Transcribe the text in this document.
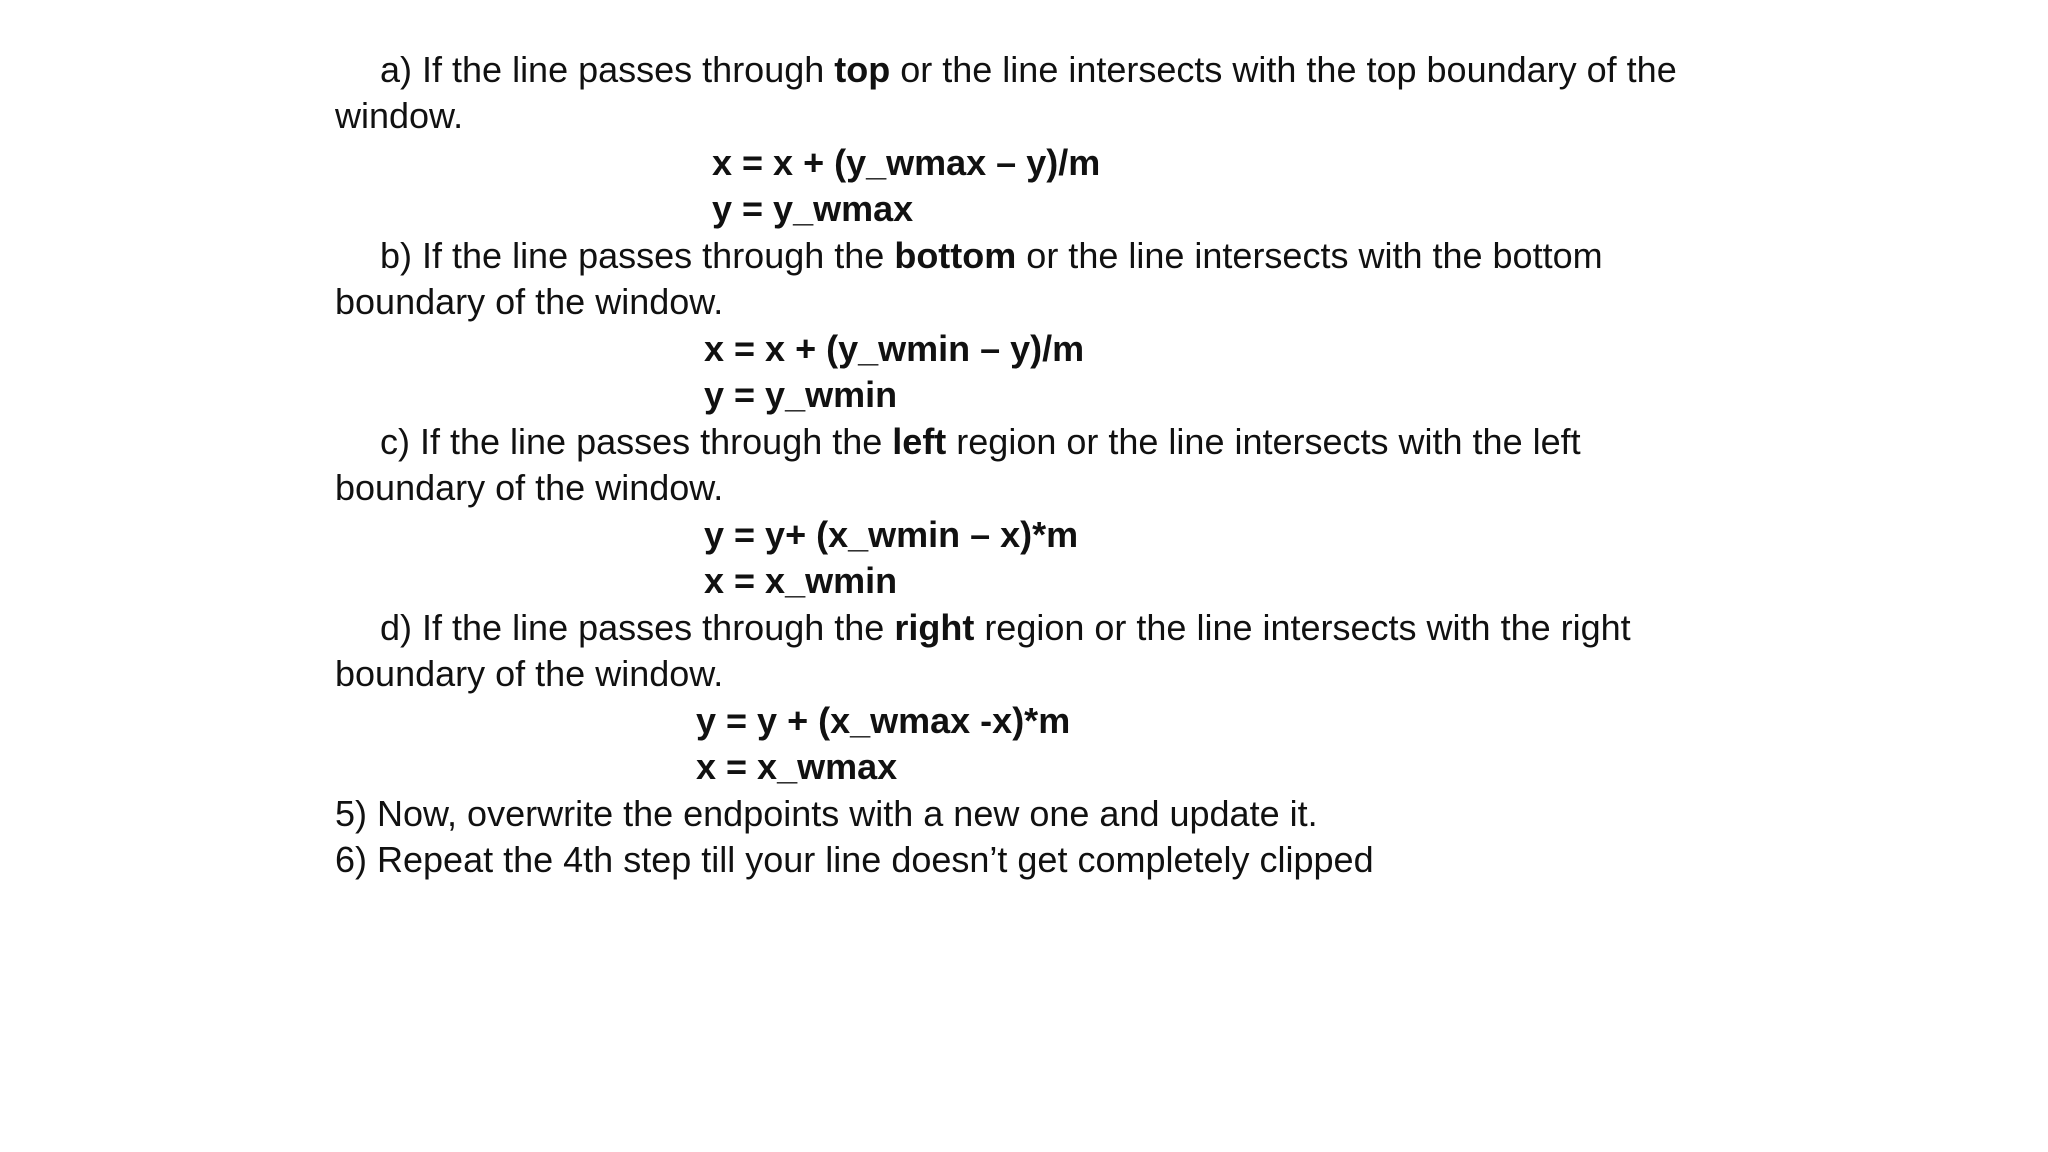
a) If the line passes through top or the line intersects with the top boundary of the
window.
x = x + (y_wmax – y)/m
y = y_wmax
b) If the line passes through the bottom or the line intersects with the bottom
boundary of the window.
x = x + (y_wmin – y)/m
y = y_wmin
c) If the line passes through the left region or the line intersects with the left
boundary of the window.
y = y+ (x_wmin – x)*m
x = x_wmin
d) If the line passes through the right region or the line intersects with the right
boundary of the window.
y = y + (x_wmax -x)*m
x = x_wmax
5) Now, overwrite the endpoints with a new one and update it.
6) Repeat the 4th step till your line doesn’t get completely clipped
